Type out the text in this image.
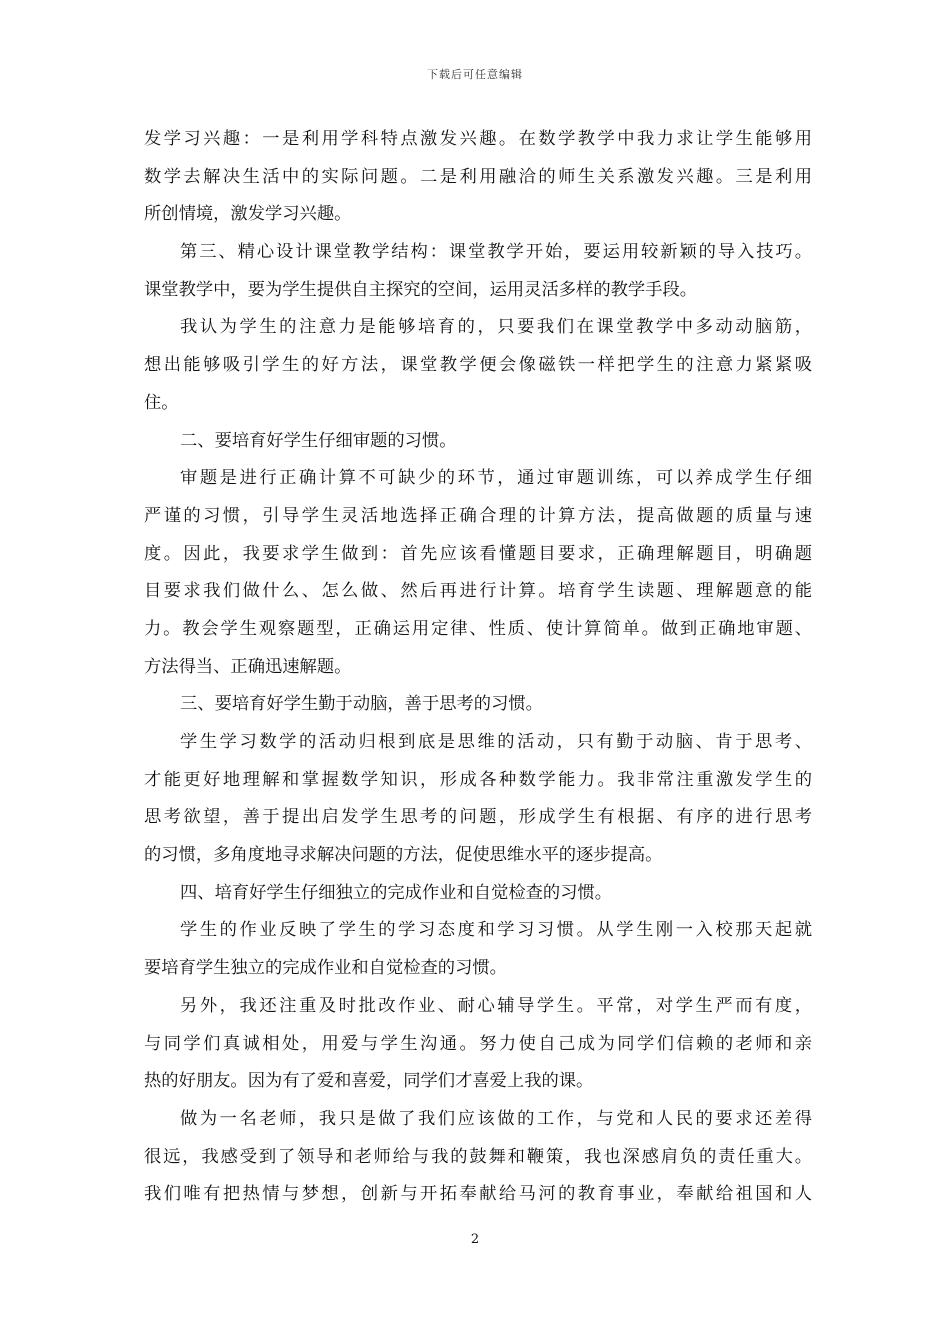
下载后可任意编辑
发学习兴趣：一是利用学科特点激发兴趣。在数学教学中我力求让学生能够用
数学去解决生活中的实际问题。二是利用融洽的师生关系激发兴趣。三是利用
所创情境，激发学习兴趣。
第三、精心设计课堂教学结构：课堂教学开始，要运用较新颖的导入技巧。
课堂教学中，要为学生提供自主探究的空间，运用灵活多样的教学手段。
我认为学生的注意力是能够培育的，只要我们在课堂教学中多动动脑筋，
想出能够吸引学生的好方法，课堂教学便会像磁铁一样把学生的注意力紧紧吸
住。
二、要培育好学生仔细审题的习惯。
审题是进行正确计算不可缺少的环节，通过审题训练，可以养成学生仔细
严谨的习惯，引导学生灵活地选择正确合理的计算方法，提高做题的质量与速
度。因此，我要求学生做到：首先应该看懂题目要求，正确理解题目，明确题
目要求我们做什么、怎么做、然后再进行计算。培育学生读题、理解题意的能
力。教会学生观察题型，正确运用定律、性质、使计算简单。做到正确地审题、
方法得当、正确迅速解题。
三、要培育好学生勤于动脑，善于思考的习惯。
学生学习数学的活动归根到底是思维的活动，只有勤于动脑、肯于思考、
才能更好地理解和掌握数学知识，形成各种数学能力。我非常注重激发学生的
思考欲望，善于提出启发学生思考的问题，形成学生有根据、有序的进行思考
的习惯，多角度地寻求解决问题的方法，促使思维水平的逐步提高。
四、培育好学生仔细独立的完成作业和自觉检查的习惯。
学生的作业反映了学生的学习态度和学习习惯。从学生刚一入校那天起就
要培育学生独立的完成作业和自觉检查的习惯。
另外，我还注重及时批改作业、耐心辅导学生。平常，对学生严而有度，
与同学们真诚相处，用爱与学生沟通。努力使自己成为同学们信赖的老师和亲
热的好朋友。因为有了爱和喜爱，同学们才喜爱上我的课。
做为一名老师，我只是做了我们应该做的工作，与党和人民的要求还差得
很远，我感受到了领导和老师给与我的鼓舞和鞭策，我也深感肩负的责任重大。
我们唯有把热情与梦想，创新与开拓奉献给马河的教育事业，奉献给祖国和人
2
